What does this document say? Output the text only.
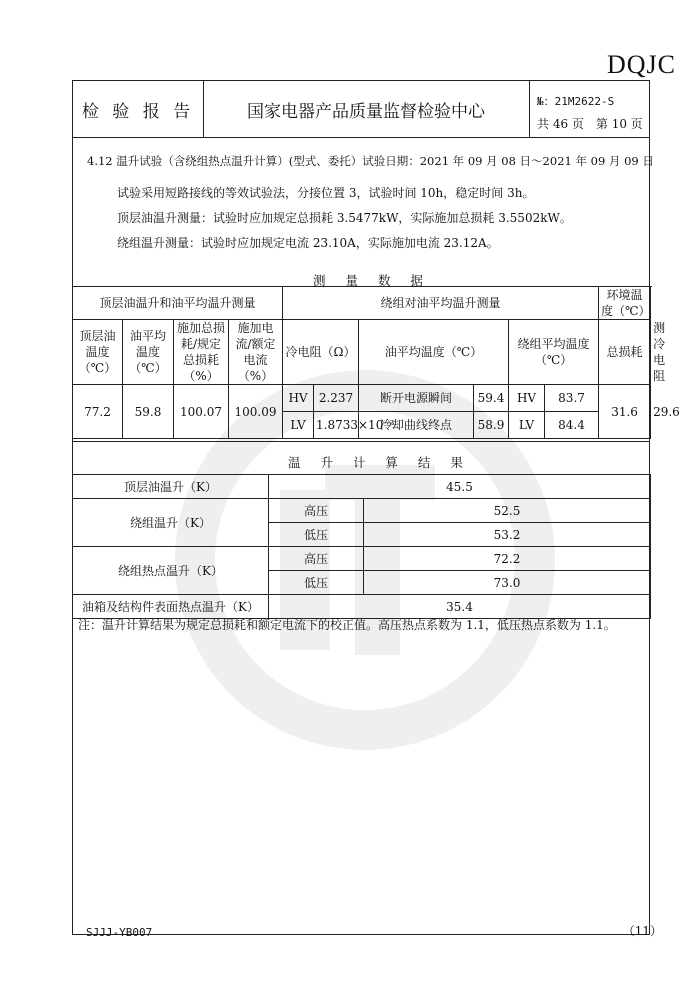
DQJC
检 验 报 告	国家电器产品质量监督检验中心	№：21M2622-S
共 46 页　第 10 页
4.12 温升试验（含绕组热点温升计算）(型式、委托）试验日期：2021 年 09 月 08 日～2021 年 09 月 09 日
试验采用短路接线的等效试验法，分接位置 3，试验时间 10h，稳定时间 3h。
顶层油温升测量：试验时应加规定总损耗 3.5477kW，实际施加总损耗 3.5502kW。
绕组温升测量：试验时应加规定电流 23.10A，实际施加电流 23.12A。
测 量 数 据
顶层油温升和油平均温升测量				绕组对油平均温升测量						环境温度（℃）	
顶层油温度（℃）	油平均温度（℃）	施加总损耗/规定总损耗（%）	施加电流/额定电流（%）	冷电阻（Ω）		油平均温度（℃）		绕组平均温度（℃）		总损耗	测冷电阻
77.2	59.8	100.07	100.09	HV	2.237	断开电源瞬间	59.4	HV	83.7	31.6	29.6
				LV	1.8733×10⁻³	冷却曲线终点	58.9	LV	84.4		
温 升 计 算 结 果
顶层油温升（K）	45.5	
绕组温升（K）	高压	52.5
	低压	53.2
绕组热点温升（K）	高压	72.2
	低压	73.0
油箱及结构件表面热点温升（K）	35.4	
注：温升计算结果为规定总损耗和额定电流下的校正值。高压热点系数为 1.1，低压热点系数为 1.1。
SJJJ-YB007	（11）
